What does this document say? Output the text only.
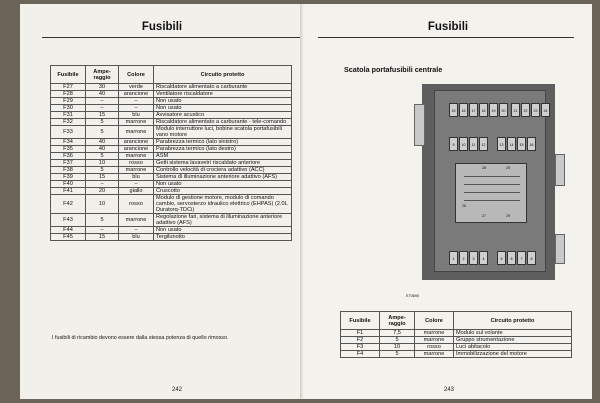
Fusibili
Fusibile	Ampe- raggio	Colore	Circuito protetto
F27	30	verde	Riscaldatore alimentato a carburante
F28	40	arancione	Ventilatore riscaldatore
F29	–	–	Non usato
F30	–	–	Non usato
F31	15	blu	Avvisatore acustico
F32	5	marrone	Riscaldatore alimentato a carburante - tele-comando
F33	5	marrone	Modulo interruttore luci, bobine scatola portafusibili vano motore
F34	40	arancione	Parabrezza termico (lato sinistro)
F35	40	arancione	Parabrezza termico (lato destro)
F36	5	marrone	ASM
F37	10	rosso	Getti sistema lavavetri riscaldato anteriore
F38	5	marrone	Controllo velocità di crociera adattivo (ACC)
F39	15	blu	Sistema di illuminazione anteriore adattivo (AFS)
F40	–	–	Non usato
F41	20	giallo	Cruscotto
F42	10	rosso	Modulo di gestione motore, modulo di comando cambio, servosterzo idraulico elettrico (EHPAS) (2.0L Duratorq-TDCi)
F43	5	marrone	Regolazione fari, sistema di illuminazione anteriore adattivo (AFS)
F44	–	–	Non usato
F45	15	blu	Tergilunotto
I fusibili di ricambio devono essere dalla stessa potenza di quello rimosso.
242
Fusibili
Scatola portafusibili centrale
15	16	17	18	19	20	21	22	23	24
9	10	11	12	13	14	15	16
1	2	3	4	5	6	7	8
28	25
26
27	29
E70690
Fusibile	Ampe- raggio	Colore	Circuito protetto
F1	7,5	marrone	Modulo sul volante
F2	5	marrone	Gruppo strumentazione
F3	10	rosso	Luci abitacolo
F4	5	marrone	Immobilizzazione del motore
243
